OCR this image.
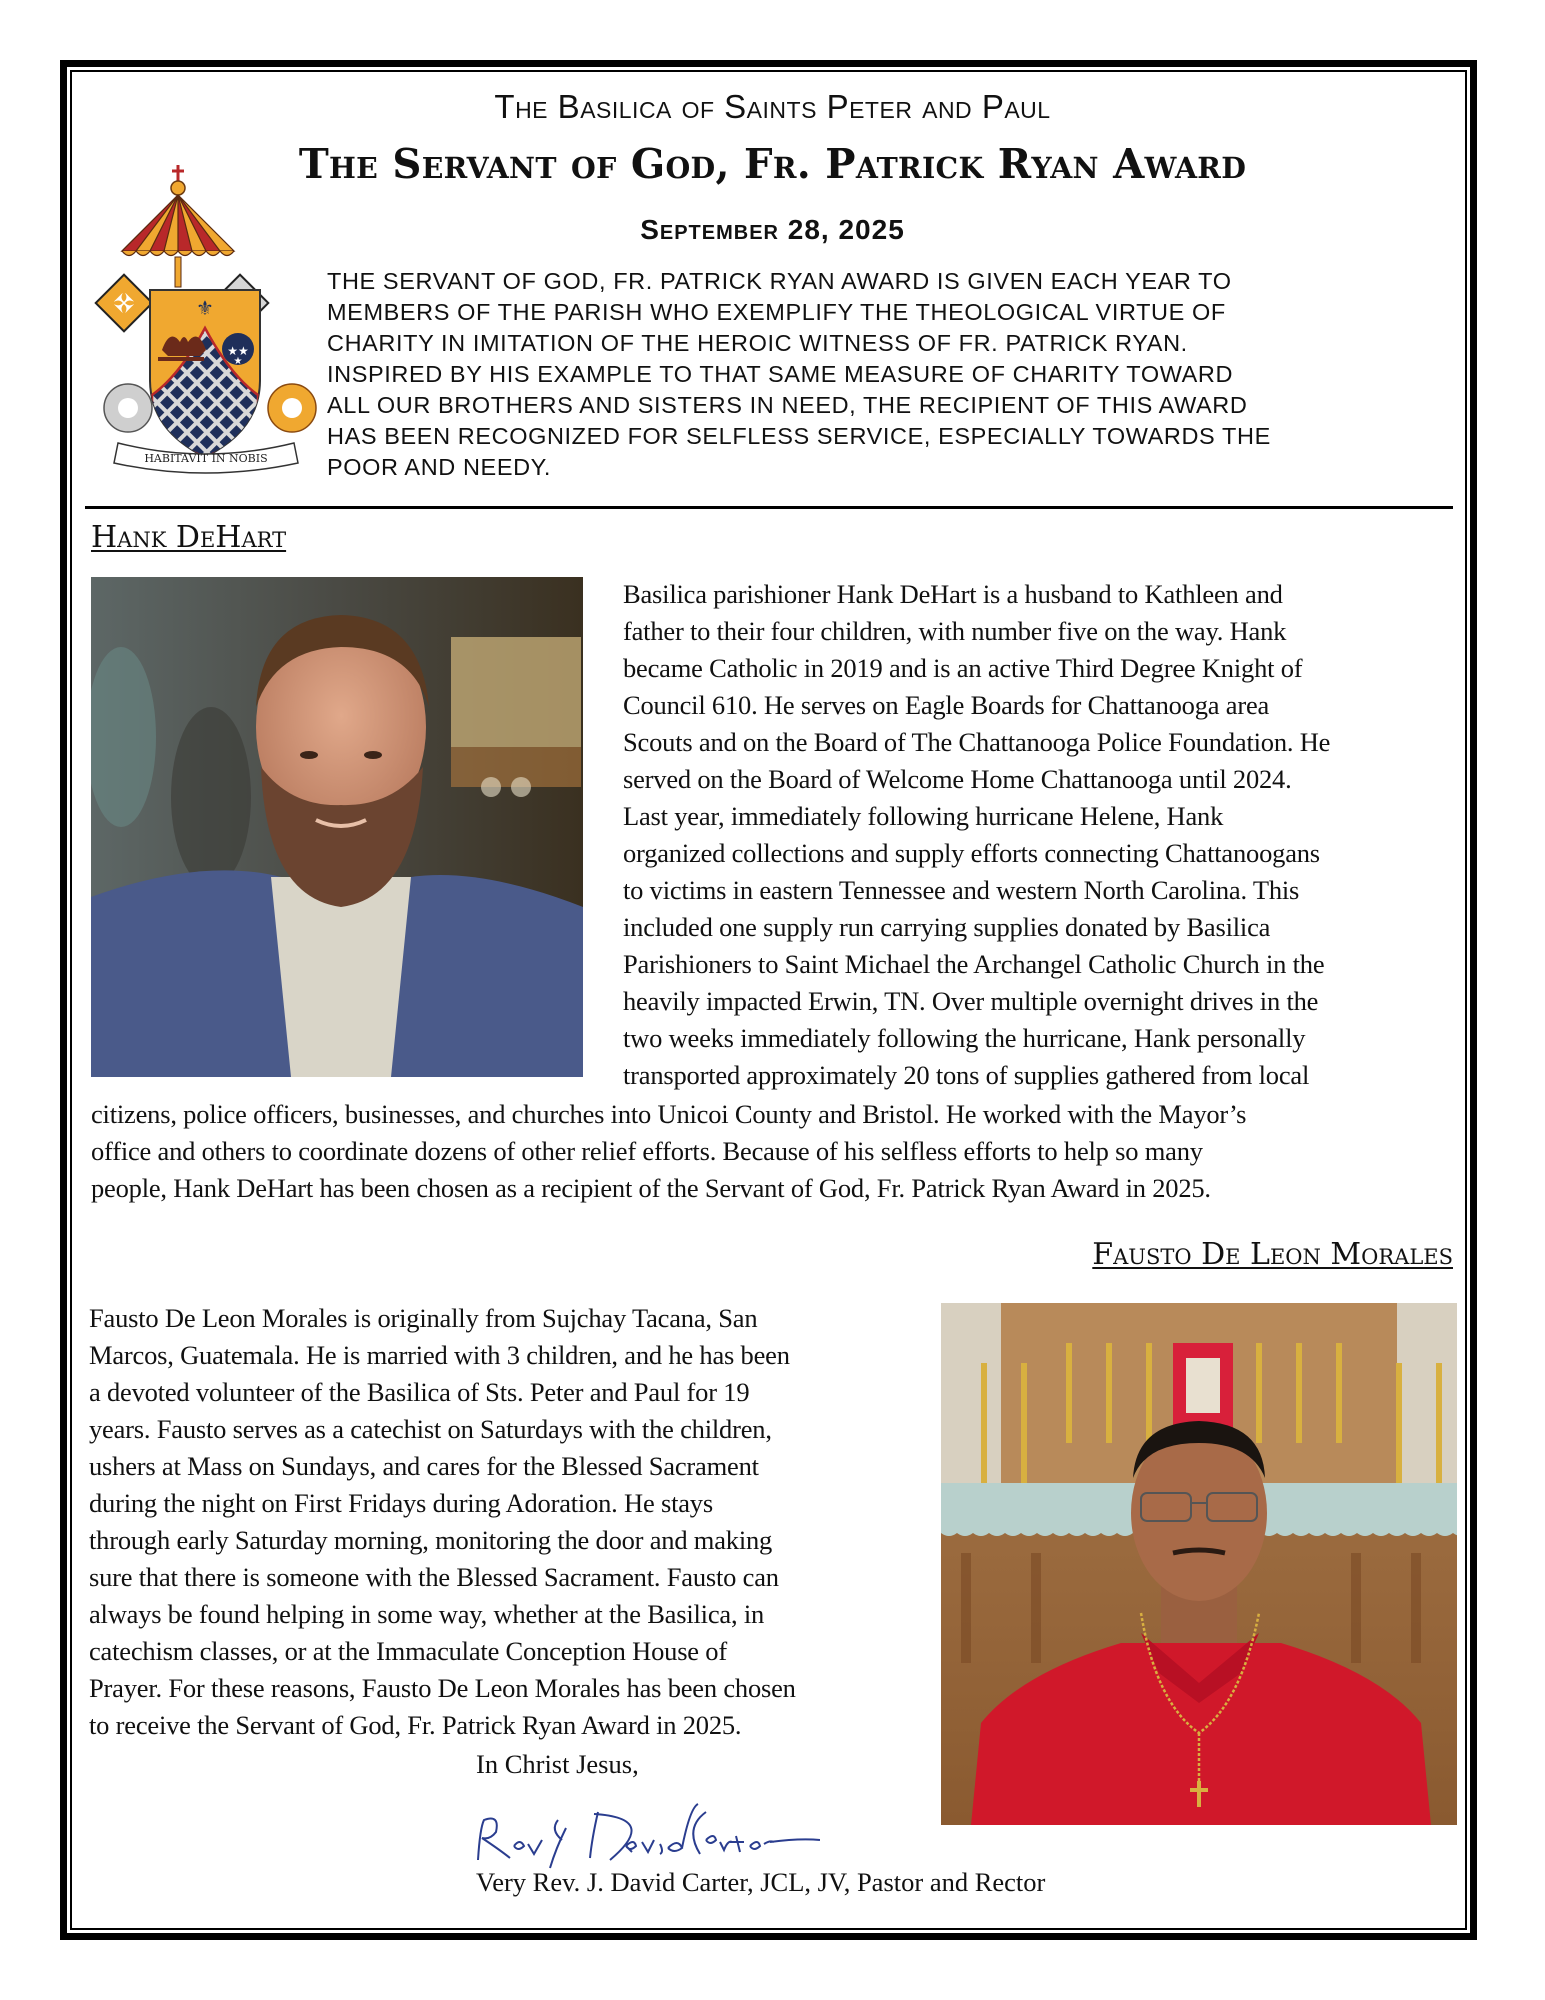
The Basilica of Saints Peter and Paul
The Servant of God, Fr. Patrick Ryan Award
September 28, 2025
✠	⚜
★★
★
HABITAVIT IN NOBIS
THE SERVANT OF GOD, FR. PATRICK RYAN AWARD IS GIVEN EACH YEAR TO
MEMBERS OF THE PARISH WHO EXEMPLIFY THE THEOLOGICAL VIRTUE OF
CHARITY IN IMITATION OF THE HEROIC WITNESS OF FR. PATRICK RYAN.
INSPIRED BY HIS EXAMPLE TO THAT SAME MEASURE OF CHARITY TOWARD
ALL OUR BROTHERS AND SISTERS IN NEED, THE RECIPIENT OF THIS AWARD
HAS BEEN RECOGNIZED FOR SELFLESS SERVICE, ESPECIALLY TOWARDS THE
POOR AND NEEDY.
Hank DeHart
Basilica parishioner Hank DeHart is a husband to Kathleen and
father to their four children, with number five on the way. Hank
became Catholic in 2019 and is an active Third Degree Knight of
Council 610. He serves on Eagle Boards for Chattanooga area
Scouts and on the Board of The Chattanooga Police Foundation. He
served on the Board of Welcome Home Chattanooga until 2024.
Last year, immediately following hurricane Helene, Hank
organized collections and supply efforts connecting Chattanoogans
to victims in eastern Tennessee and western North Carolina. This
included one supply run carrying supplies donated by Basilica
Parishioners to Saint Michael the Archangel Catholic Church in the
heavily impacted Erwin, TN. Over multiple overnight drives in the
two weeks immediately following the hurricane, Hank personally
transported approximately 20 tons of supplies gathered from local
citizens, police officers, businesses, and churches into Unicoi County and Bristol. He worked with the Mayor’s
office and others to coordinate dozens of other relief efforts. Because of his selfless efforts to help so many
people, Hank DeHart has been chosen as a recipient of the Servant of God, Fr. Patrick Ryan Award in 2025.
Fausto De Leon Morales
Fausto De Leon Morales is originally from Sujchay Tacana, San
Marcos, Guatemala. He is married with 3 children, and he has been
a devoted volunteer of the Basilica of Sts. Peter and Paul for 19
years. Fausto serves as a catechist on Saturdays with the children,
ushers at Mass on Sundays, and cares for the Blessed Sacrament
during the night on First Fridays during Adoration. He stays
through early Saturday morning, monitoring the door and making
sure that there is someone with the Blessed Sacrament. Fausto can
always be found helping in some way, whether at the Basilica, in
catechism classes, or at the Immaculate Conception House of
Prayer. For these reasons, Fausto De Leon Morales has been chosen
to receive the Servant of God, Fr. Patrick Ryan Award in 2025.
In Christ Jesus,
Very Rev. J. David Carter, JCL, JV, Pastor and Rector
